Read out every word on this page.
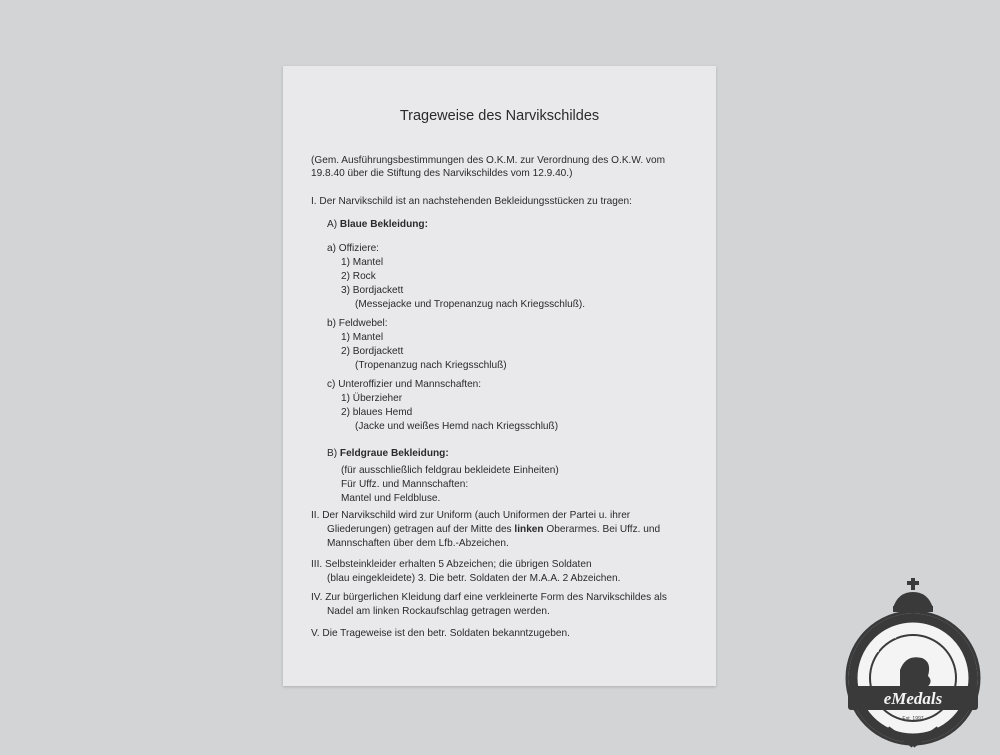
Trageweise des Narvikschildes
(Gem. Ausführungsbestimmungen des O.K.M. zur Verordnung des O.K.W. vom
19.8.40 über die Stiftung des Narvikschildes vom 12.9.40.)
I. Der Narvikschild ist an nachstehenden Bekleidungsstücken zu tragen:
A) Blaue Bekleidung:
a) Offiziere:
1) Mantel
2) Rock
3) Bordjackett
(Messejacke und Tropenanzug nach Kriegsschluß).
b) Feldwebel:
1) Mantel
2) Bordjackett
(Tropenanzug nach Kriegsschluß)
c) Unteroffizier und Mannschaften:
1) Überzieher
2) blaues Hemd
(Jacke und weißes Hemd nach Kriegsschluß)
B) Feldgraue Bekleidung:
(für ausschließlich feldgrau bekleidete Einheiten)
Für Uffz. und Mannschaften:
Mantel und Feldbluse.
II. Der Narvikschild wird zur Uniform (auch Uniformen der Partei u. ihrer
Gliederungen) getragen auf der Mitte des linken Oberarmes. Bei Uffz. und
Mannschaften über dem Lfb.-Abzeichen.
III. Selbsteinkleider erhalten 5 Abzeichen; die übrigen Soldaten
(blau eingekleidete) 3. Die betr. Soldaten der M.A.A. 2 Abzeichen.
IV. Zur bürgerlichen Kleidung darf eine verkleinerte Form des Narvikschildes als
Nadel am linken Rockaufschlag getragen werden.
V. Die Trageweise ist den betr. Soldaten bekanntzugeben.
Purveyors of Authentic Militaria
eMedals
Est. 1997
